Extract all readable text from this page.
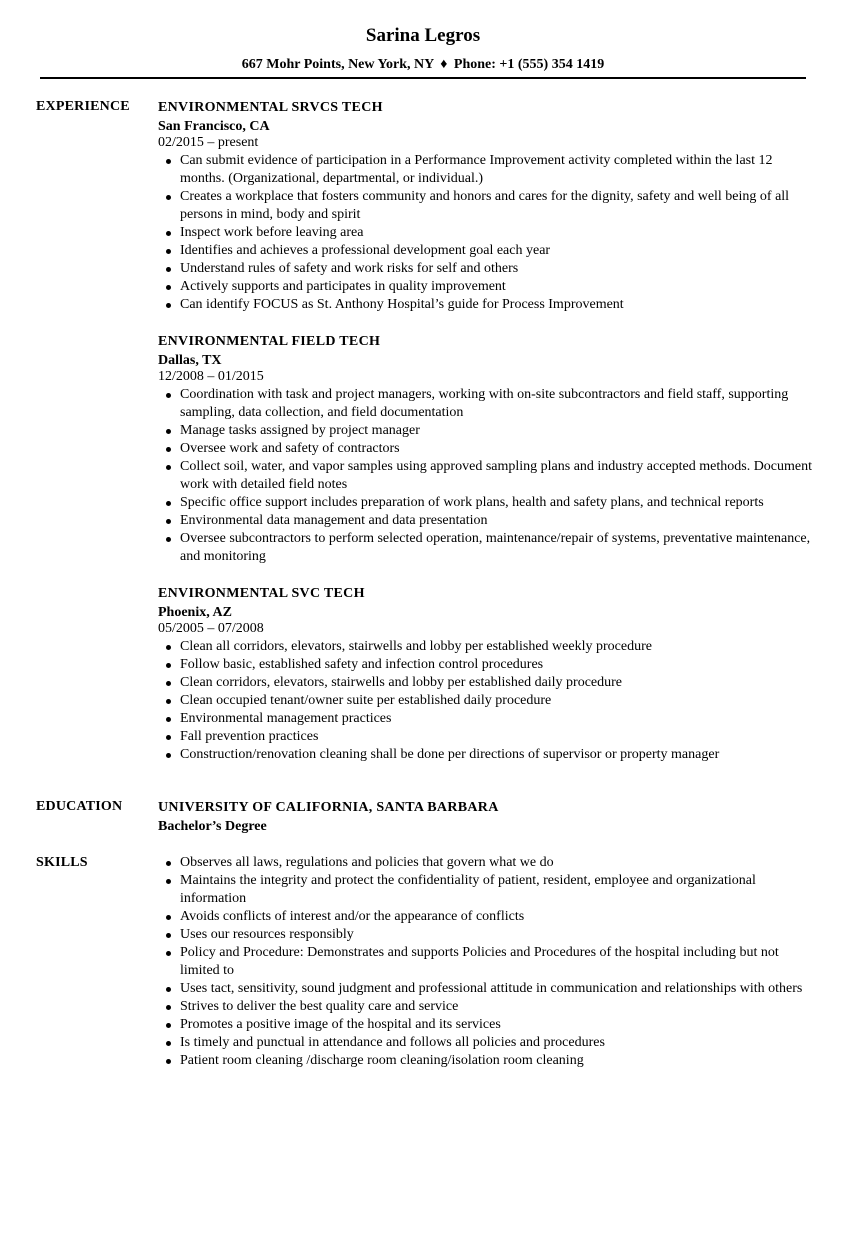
Sarina Legros
667 Mohr Points, New York, NY ♦ Phone: +1 (555) 354 1419
EXPERIENCE ENVIRONMENTAL SRVCS TECH
San Francisco, CA
02/2015 – present
Can submit evidence of participation in a Performance Improvement activity completed within the last 12 months. (Organizational, departmental, or individual.)
Creates a workplace that fosters community and honors and cares for the dignity, safety and well being of all persons in mind, body and spirit
Inspect work before leaving area
Identifies and achieves a professional development goal each year
Understand rules of safety and work risks for self and others
Actively supports and participates in quality improvement
Can identify FOCUS as St. Anthony Hospital’s guide for Process Improvement
ENVIRONMENTAL FIELD TECH
Dallas, TX
12/2008 – 01/2015
Coordination with task and project managers, working with on-site subcontractors and field staff, supporting sampling, data collection, and field documentation
Manage tasks assigned by project manager
Oversee work and safety of contractors
Collect soil, water, and vapor samples using approved sampling plans and industry accepted methods. Document work with detailed field notes
Specific office support includes preparation of work plans, health and safety plans, and technical reports
Environmental data management and data presentation
Oversee subcontractors to perform selected operation, maintenance/repair of systems, preventative maintenance, and monitoring
ENVIRONMENTAL SVC TECH
Phoenix, AZ
05/2005 – 07/2008
Clean all corridors, elevators, stairwells and lobby per established weekly procedure
Follow basic, established safety and infection control procedures
Clean corridors, elevators, stairwells and lobby per established daily procedure
Clean occupied tenant/owner suite per established daily procedure
Environmental management practices
Fall prevention practices
Construction/renovation cleaning shall be done per directions of supervisor or property manager
EDUCATION	UNIVERSITY OF CALIFORNIA, SANTA BARBARA
Bachelor’s Degree
SKILLS	Observes all laws, regulations and policies that govern what we do
Maintains the integrity and protect the confidentiality of patient, resident, employee and organizational information
Avoids conflicts of interest and/or the appearance of conflicts
Uses our resources responsibly
Policy and Procedure: Demonstrates and supports Policies and Procedures of the hospital including but not limited to
Uses tact, sensitivity, sound judgment and professional attitude in communication and relationships with others
Strives to deliver the best quality care and service
Promotes a positive image of the hospital and its services
Is timely and punctual in attendance and follows all policies and procedures
Patient room cleaning /discharge room cleaning/isolation room cleaning
